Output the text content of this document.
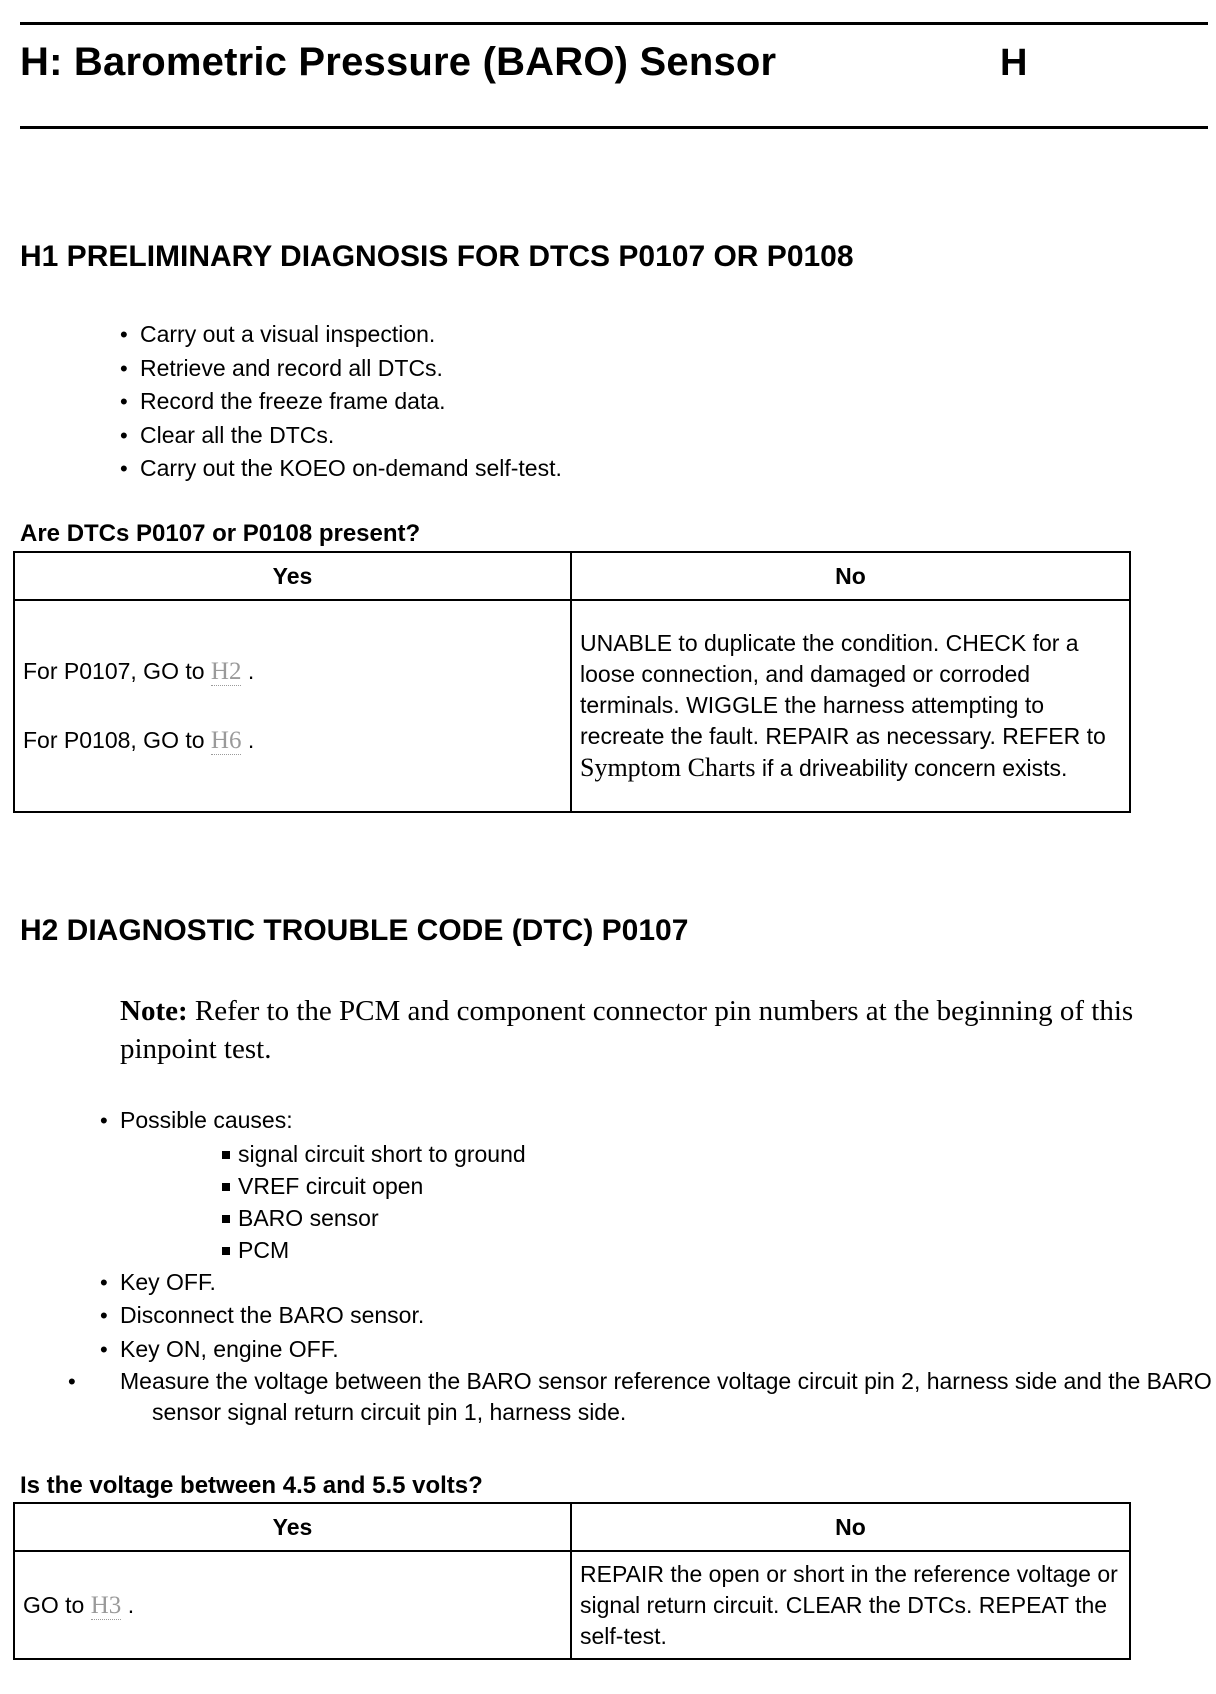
H: Barometric Pressure (BARO) Sensor	H
H1 PRELIMINARY DIAGNOSIS FOR DTCS P0107 OR P0108
• Carry out a visual inspection.
• Retrieve and record all DTCs.
• Record the freeze frame data.
• Clear all the DTCs.
• Carry out the KOEO on-demand self-test.
Are DTCs P0107 or P0108 present?
Yes	No

For P0107, GO to H2 .
For P0108, GO to H6 .	UNABLE to duplicate the condition. CHECK for a loose connection, and damaged or corroded terminals. WIGGLE the harness attempting to recreate the fault. REPAIR as necessary. REFER to Symptom Charts if a driveability concern exists.
H2 DIAGNOSTIC TROUBLE CODE (DTC) P0107
Note: Refer to the PCM and component connector pin numbers at the beginning of this pinpoint test.
• Possible causes:
signal circuit short to ground
VREF circuit open
BARO sensor
PCM
• Key OFF.
• Disconnect the BARO sensor.
• Key ON, engine OFF.
• Measure the voltage between the BARO sensor reference voltage circuit pin 2, harness side and the BARO sensor signal return circuit pin 1, harness side.
Is the voltage between 4.5 and 5.5 volts?
Yes	No
GO to H3 .	REPAIR the open or short in the reference voltage or signal return circuit. CLEAR the DTCs. REPEAT the self-test.
